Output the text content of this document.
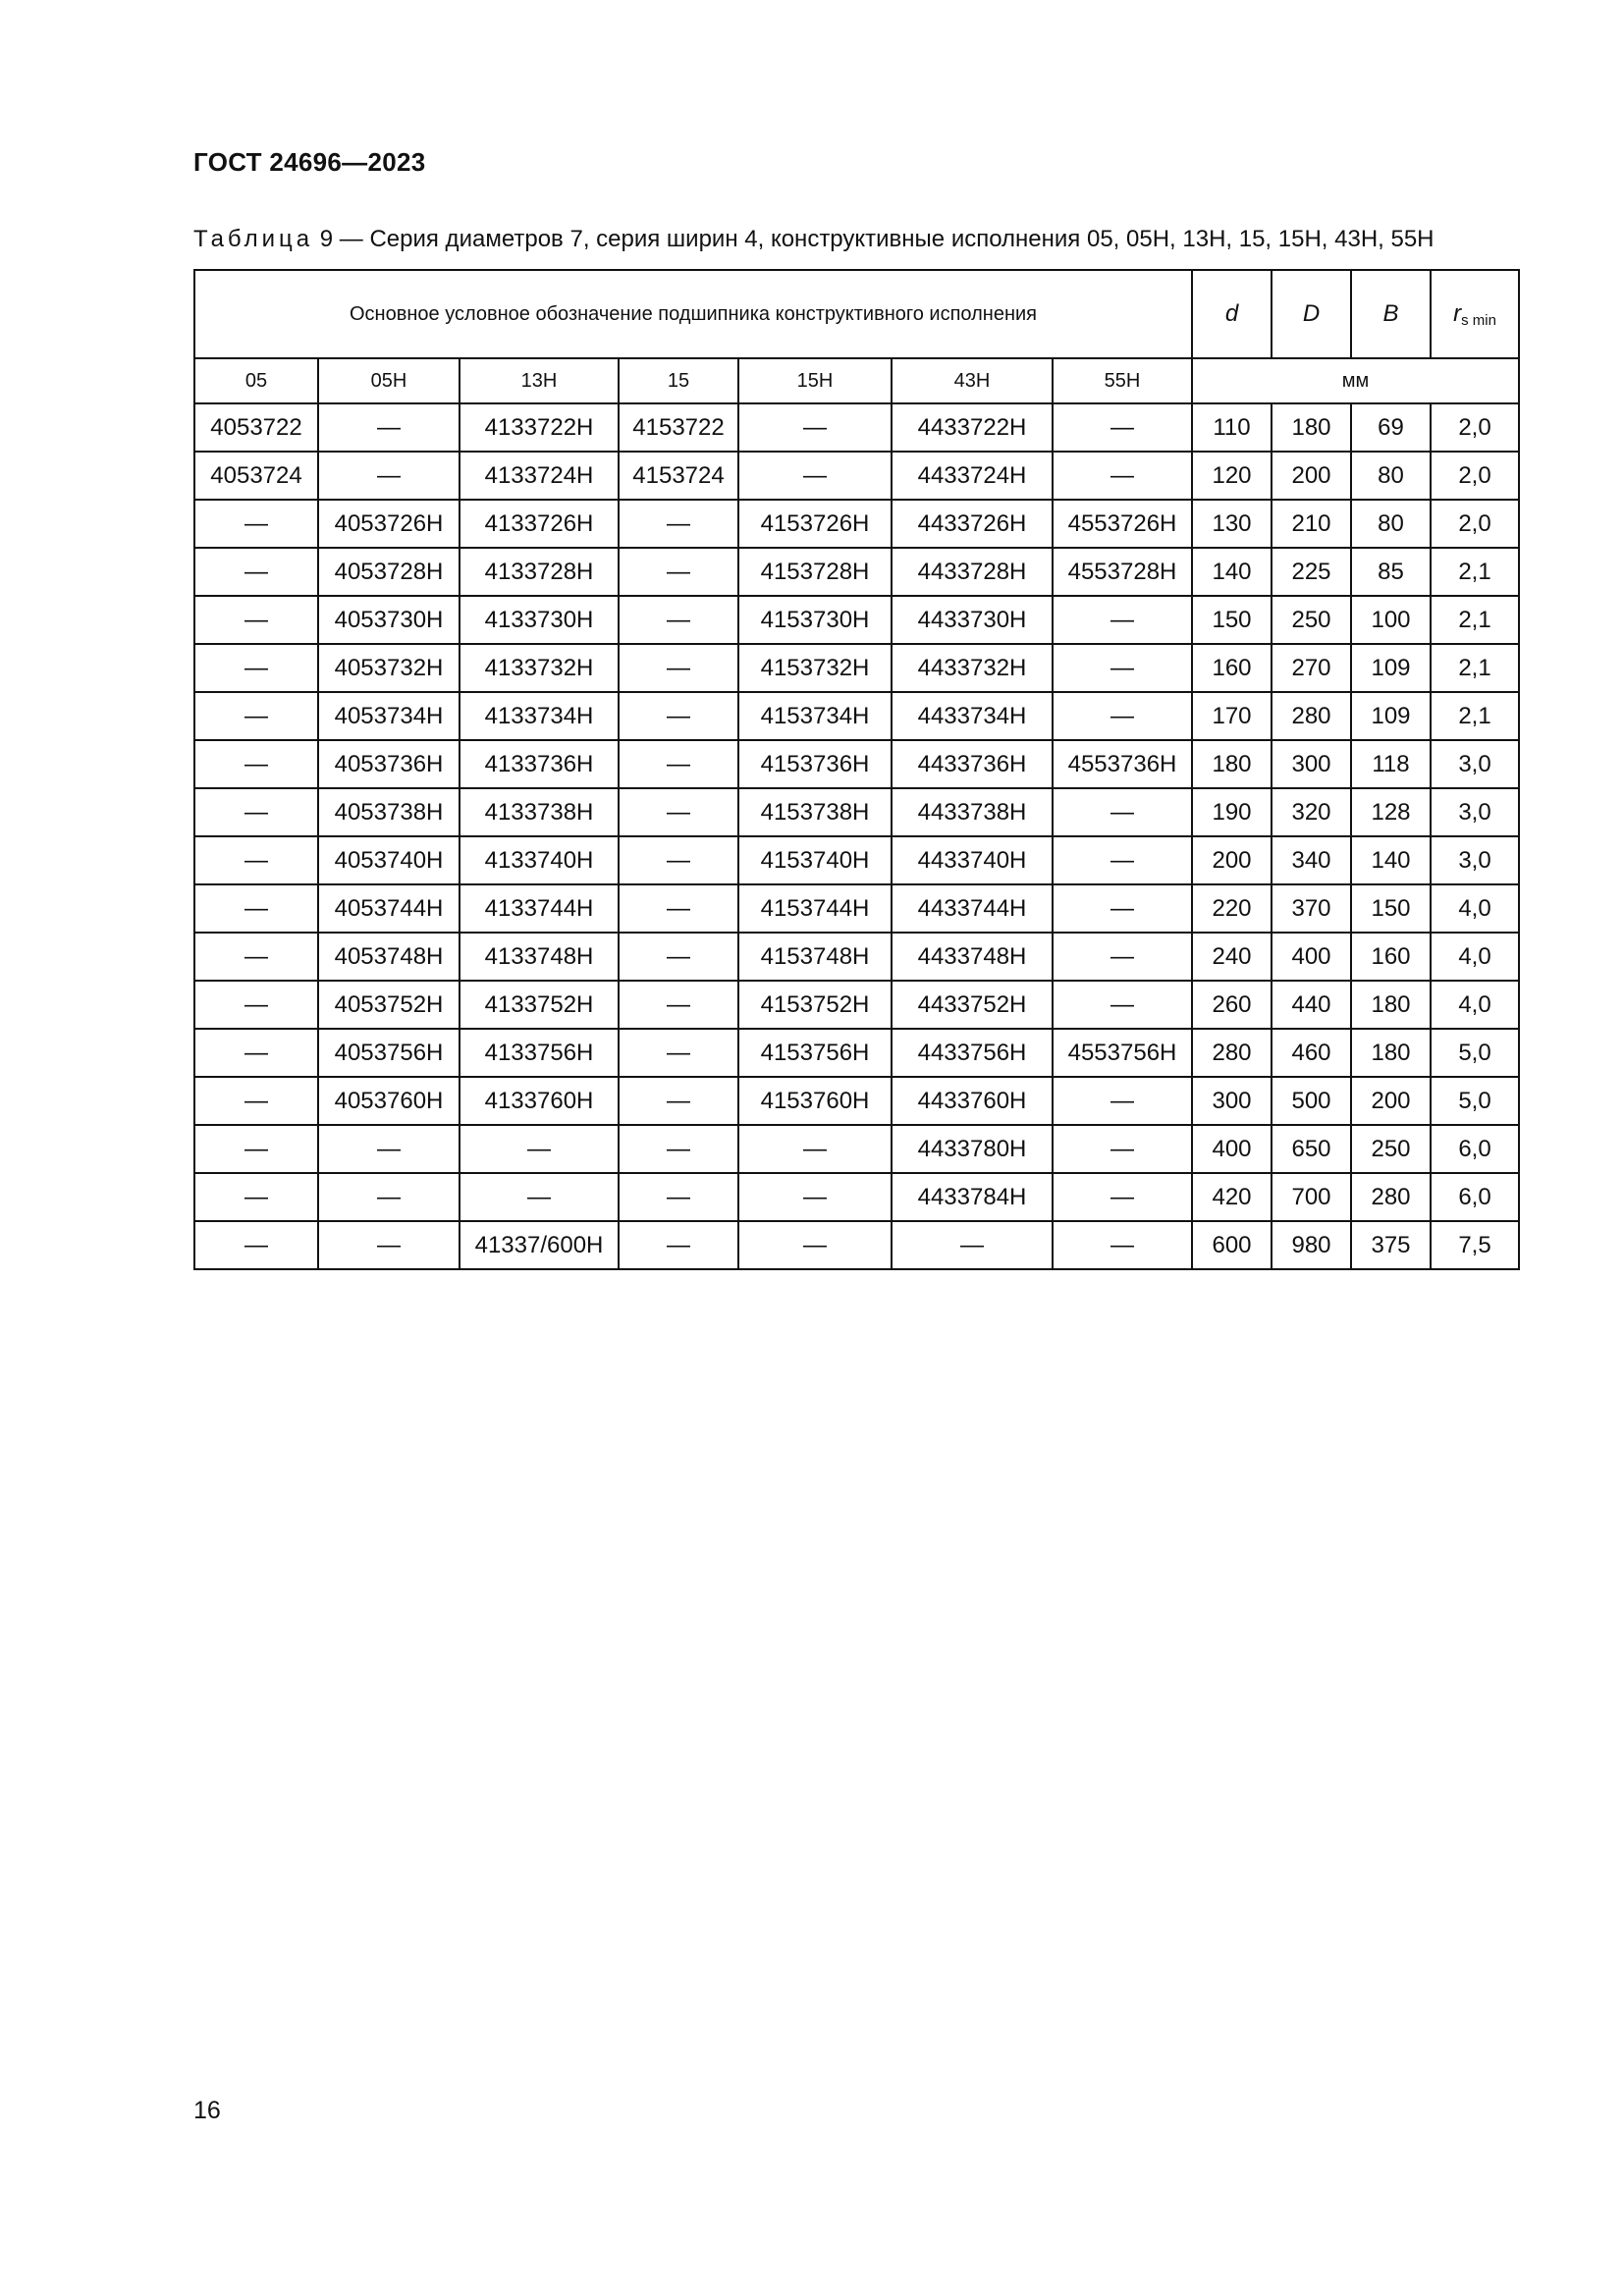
ГОСТ 24696—2023
Таблица 9 — Серия диаметров 7, серия ширин 4, конструктивные исполнения 05, 05H, 13H, 15, 15H, 43H, 55H
Основное условное обозначение подшипника конструктивного исполнения							d	D	B	$r_{s min}$
05	05H	13H	15	15H	43H	55H	мм			
4053722	—	4133722H	4153722	—	4433722H	—	110	180	69	2,0
4053724	—	4133724H	4153724	—	4433724H	—	120	200	80	2,0
—	4053726H	4133726H	—	4153726H	4433726H	4553726H	130	210	80	2,0
—	4053728H	4133728H	—	4153728H	4433728H	4553728H	140	225	85	2,1
—	4053730H	4133730H	—	4153730H	4433730H	—	150	250	100	2,1
—	4053732H	4133732H	—	4153732H	4433732H	—	160	270	109	2,1
—	4053734H	4133734H	—	4153734H	4433734H	—	170	280	109	2,1
—	4053736H	4133736H	—	4153736H	4433736H	4553736H	180	300	118	3,0
—	4053738H	4133738H	—	4153738H	4433738H	—	190	320	128	3,0
—	4053740H	4133740H	—	4153740H	4433740H	—	200	340	140	3,0
—	4053744H	4133744H	—	4153744H	4433744H	—	220	370	150	4,0
—	4053748H	4133748H	—	4153748H	4433748H	—	240	400	160	4,0
—	4053752H	4133752H	—	4153752H	4433752H	—	260	440	180	4,0
—	4053756H	4133756H	—	4153756H	4433756H	4553756H	280	460	180	5,0
—	4053760H	4133760H	—	4153760H	4433760H	—	300	500	200	5,0
—	—	—	—	—	4433780H	—	400	650	250	6,0
—	—	—	—	—	4433784H	—	420	700	280	6,0
—	—	41337/600H	—	—	—	—	600	980	375	7,5
16
